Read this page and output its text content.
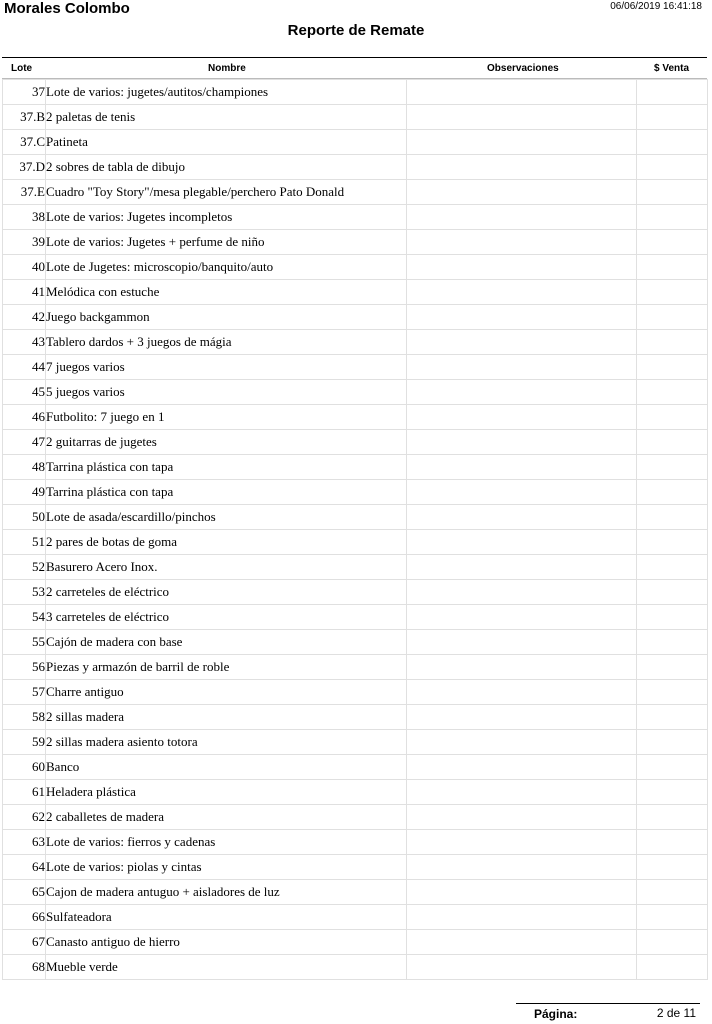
Morales Colombo	06/06/2019 16:41:18
Reporte de Remate
Lote	Nombre	Observaciones	$ Venta
37	Lote de varios: jugetes/autitos/championes		
37.B	2 paletas de tenis		
37.C	Patineta		
37.D	2 sobres de tabla de dibujo		
37.E	Cuadro "Toy Story"/mesa plegable/perchero Pato Donald		
38	Lote de varios: Jugetes incompletos		
39	Lote de varios: Jugetes + perfume de niño		
40	Lote de Jugetes: microscopio/banquito/auto		
41	Melódica con estuche		
42	Juego backgammon		
43	Tablero dardos + 3 juegos de mágia		
44	7 juegos varios		
45	5 juegos varios		
46	Futbolito: 7 juego en 1		
47	2 guitarras de jugetes		
48	Tarrina plástica con tapa		
49	Tarrina plástica con tapa		
50	Lote de asada/escardillo/pinchos		
51	2 pares de botas de goma		
52	Basurero Acero Inox.		
53	2 carreteles de eléctrico		
54	3 carreteles de eléctrico		
55	Cajón de madera con base		
56	Piezas y armazón de barril de roble		
57	Charre antiguo		
58	2 sillas madera		
59	2 sillas madera asiento totora		
60	Banco		
61	Heladera plástica		
62	2 caballetes de madera		
63	Lote de varios: fierros y cadenas		
64	Lote de varios: piolas y cintas		
65	Cajon de madera antuguo + aisladores de luz		
66	Sulfateadora		
67	Canasto antiguo de hierro		
68	Mueble verde		
Página:	2 de 11
